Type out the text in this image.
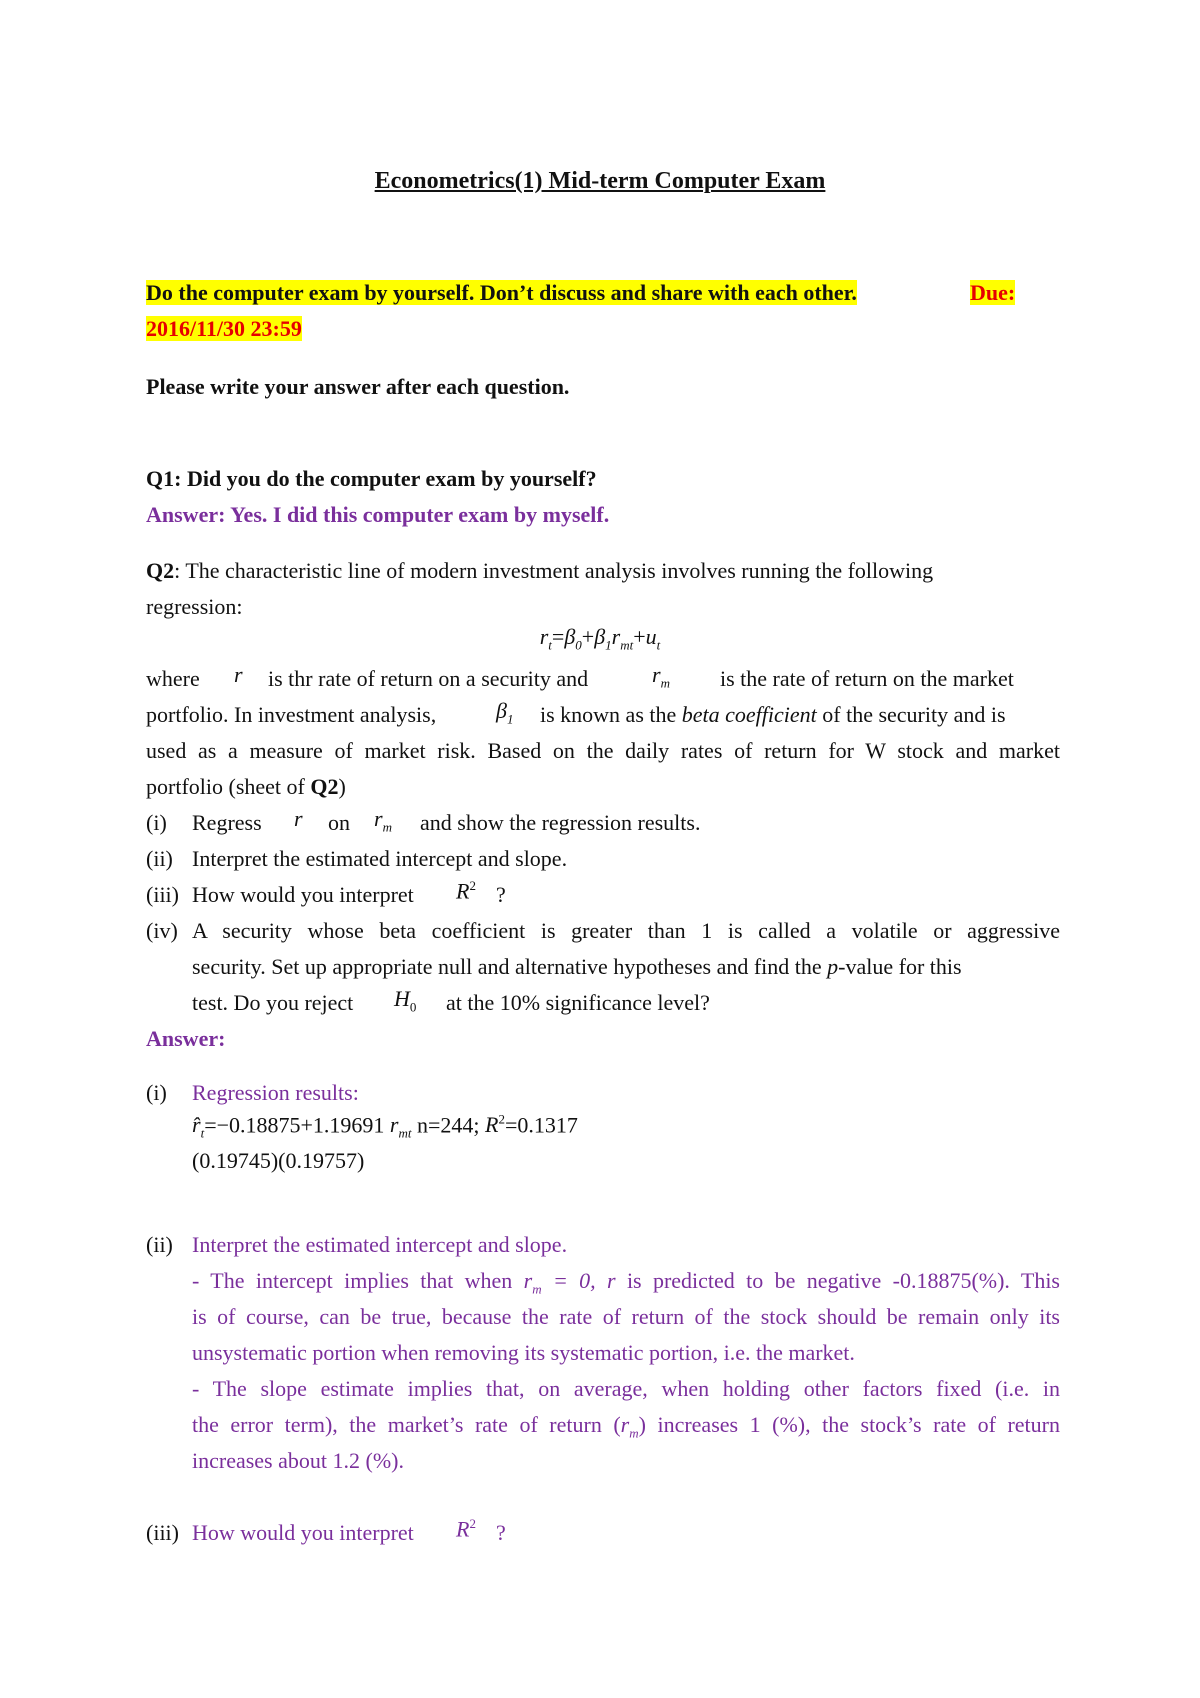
Econometrics(1) Mid-term Computer Exam
Do the computer exam by yourself. Don’t discuss and share with each other.	Due:
2016/11/30 23:59
Please write your answer after each question.
Q1: Did you do the computer exam by yourself?
Answer: Yes. I did this computer exam by myself.
Q2: The characteristic line of modern investment analysis involves running the following
regression:
$r_t=\beta_0+\beta_1r_{mt}+u_t$
where r is thr rate of return on a security and	$r_m$ is the rate of return on the market
portfolio. In investment analysis,	$\beta_1$ is known as the beta coefficient of the security and is
used as a measure of market risk. Based on the daily rates of return for W stock and market
portfolio (sheet of Q2)
(i) Regress r on $r_m$ and show the regression results.
(ii) Interpret the estimated intercept and slope.
(iii) How would you interpret $R^2$ ?
(iv) A security whose beta coefficient is greater than 1 is called a volatile or aggressive
security. Set up appropriate null and alternative hypotheses and find the p-value for this
test. Do you reject $H_0$ at the 10% significance level?
Answer:
(i) Regression results:
$r̂_t=-0.18875+1.19691$ $r_{mt}$ n=244; $R^2=0.1317$
(0.19745)(0.19757)
(ii) Interpret the estimated intercept and slope.
- The intercept implies that when $r_m = 0$, r is predicted to be negative -0.18875(%). This
is of course, can be true, because the rate of return of the stock should be remain only its
unsystematic portion when removing its systematic portion, i.e. the market.
- The slope estimate implies that, on average, when holding other factors fixed (i.e. in
the error term), the market’s rate of return $(r_m)$ increases 1 (%), the stock’s rate of return
increases about 1.2 (%).
(iii) How would you interpret $R^2$ ?
